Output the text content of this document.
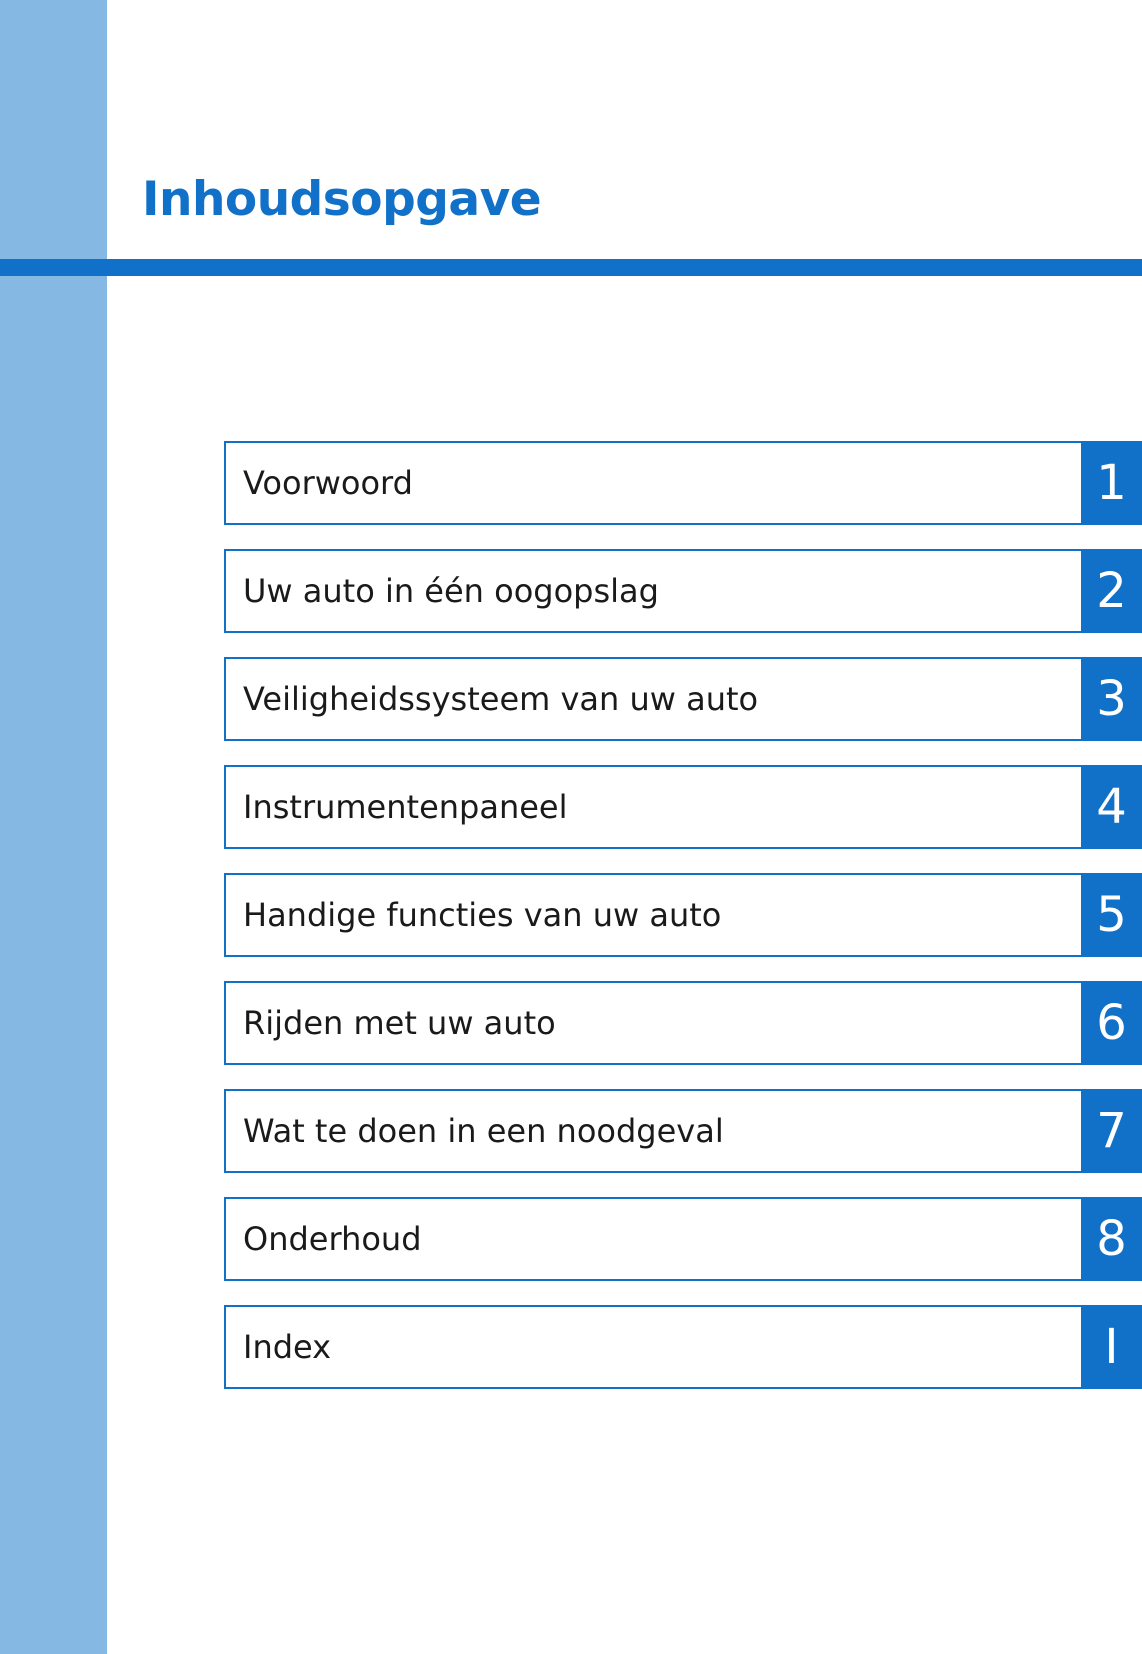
Inhoudsopgave
Voorwoord	1
Uw auto in één oogopslag	2
Veiligheidssysteem van uw auto	3
Instrumentenpaneel	4
Handige functies van uw auto	5
Rijden met uw auto	6
Wat te doen in een noodgeval	7
Onderhoud	8
Index	I
